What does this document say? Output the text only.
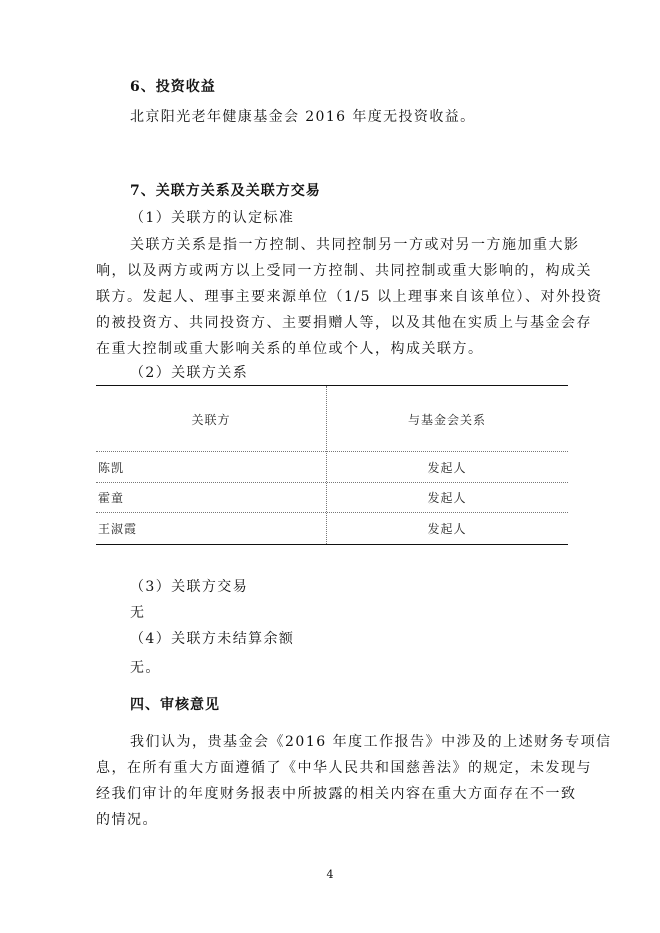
6、投资收益
北京阳光老年健康基金会 2016 年度无投资收益。
7、关联方关系及关联方交易
（1）关联方的认定标准
关联方关系是指一方控制、共同控制另一方或对另一方施加重大影
响，以及两方或两方以上受同一方控制、共同控制或重大影响的，构成关
联方。发起人、理事主要来源单位（1/5 以上理事来自该单位）、对外投资
的被投资方、共同投资方、主要捐赠人等，以及其他在实质上与基金会存
在重大控制或重大影响关系的单位或个人，构成关联方。
（2）关联方关系
关联方	与基金会关系
陈凯	发起人
霍童	发起人
王淑霞	发起人
（3）关联方交易
无
（4）关联方未结算余额
无。
四、审核意见
我们认为，贵基金会《2016 年度工作报告》中涉及的上述财务专项信
息，在所有重大方面遵循了《中华人民共和国慈善法》的规定，未发现与
经我们审计的年度财务报表中所披露的相关内容在重大方面存在不一致
的情况。
4
